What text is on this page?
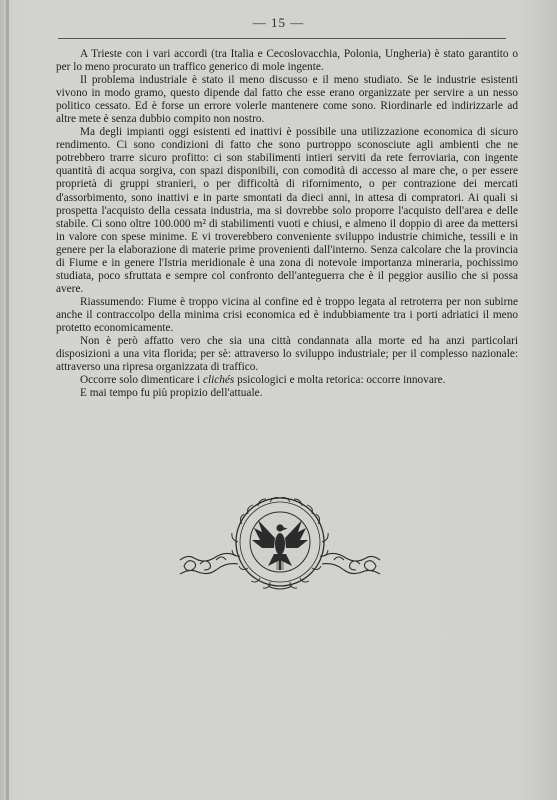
— 15 —

A Trieste con i vari accordi (tra Italia e Cecoslovacchia, Polonia, Ungheria) è stato garantito o per lo meno procurato un traffico generico di mole ingente.

Il problema industriale è stato il meno discusso e il meno studiato. Se le industrie esistenti vivono in modo gramo, questo dipende dal fatto che esse erano organizzate per servire a un nesso politico cessato. Ed è forse un errore volerle mantenere come sono. Riordinarle ed indirizzarle ad altre mete è senza dubbio compito non nostro.

Ma degli impianti oggi esistenti ed inattivi è possibile una utilizzazione economica di sicuro rendimento. Ci sono condizioni di fatto che sono purtroppo sconosciute agli ambienti che ne potrebbero trarre sicuro profitto: ci son stabilimenti intieri serviti da rete ferroviaria, con ingente quantità di acqua sorgiva, con spazi disponibili, con comodità di accesso al mare che, o per essere proprietà di gruppi stranieri, o per difficoltà di rifornimento, o per contrazione dei mercati d'assorbimento, sono inattivi e in parte smontati da dieci anni, in attesa di compratori. Ai quali si prospetta l'acquisto della cessata industria, ma si dovrebbe solo proporre l'acquisto dell'area e delle stabile. Ci sono oltre 100.000 m² di stabilimenti vuoti e chiusi, e almeno il doppio di aree da mettersi in valore con spese minime. E vi troverebbero conveniente sviluppo industrie chimiche, tessili e in genere per la elaborazione di materie prime provenienti dall'interno. Senza calcolare che la provincia di Fiume e in genere l'Istria meridionale è una zona di notevole importanza mineraria, pochissimo studiata, poco sfruttata e sempre col confronto dell'anteguerra che è il peggior ausilio che si possa avere.

Riassumendo: Fiume è troppo vicina al confine ed è troppo legata al retroterra per non subirne anche il contraccolpo della minima crisi economica ed è indubbiamente tra i porti adriatici il meno protetto economicamente.

Non è però affatto vero che sia una città condannata alla morte ed ha anzi particolari disposizioni a una vita florida; per sè: attraverso lo sviluppo industriale; per il complesso nazionale: attraverso una ripresa organizzata di traffico.

Occorre solo dimenticare i clichés psicologici e molta retorica: occorre innovare.

E mai tempo fu più propizio dell'attuale.
